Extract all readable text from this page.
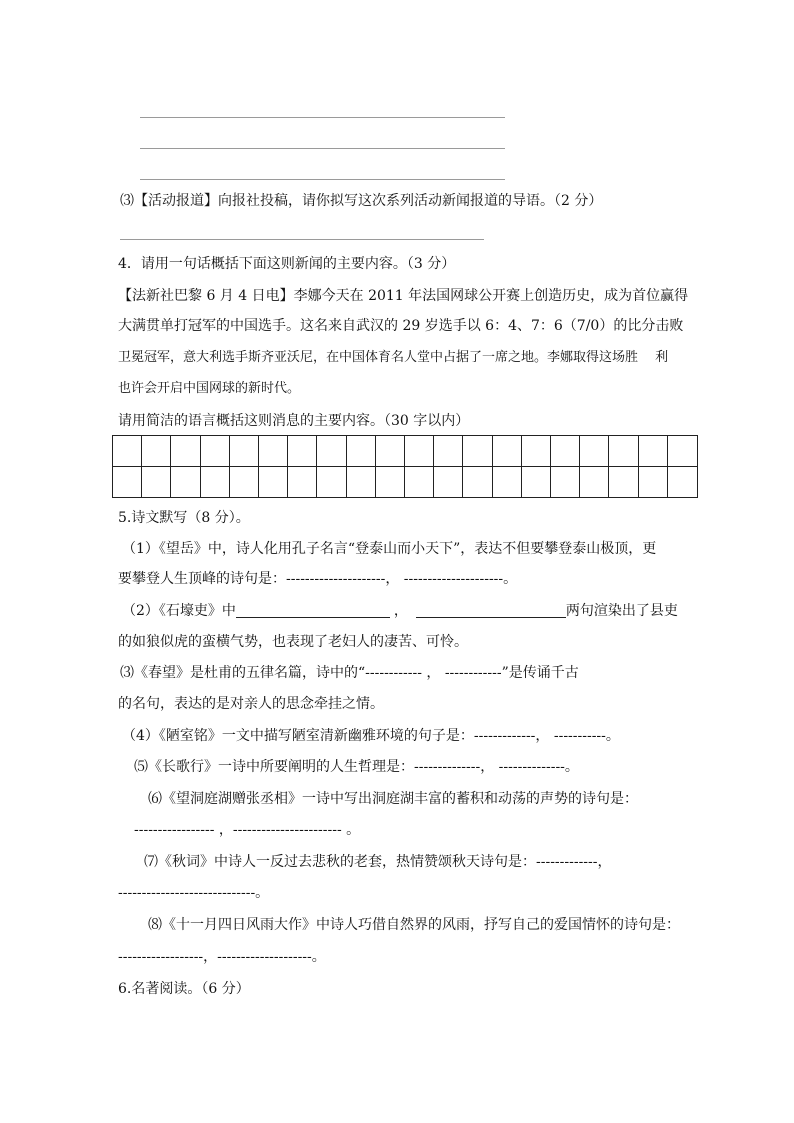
⑶【活动报道】向报社投稿，请你拟写这次系列活动新闻报道的导语。（2 分）
4．请用一句话概括下面这则新闻的主要内容。（3 分）
【法新社巴黎 6 月 4 日电】李娜今天在 2011 年法国网球公开赛上创造历史，成为首位赢得
大满贯单打冠军的中国选手。这名来自武汉的 29 岁选手以 6：4、7：6（7/0）的比分击败
卫冕冠军，意大利选手斯齐亚沃尼，在中国体育名人堂中占据了一席之地。李娜取得这场胜　 利
也许会开启中国网球的新时代。
请用简洁的语言概括这则消息的主要内容。（30 字以内）
5.诗文默写（8 分）。
（1）《望岳》中，诗人化用孔子名言“登泰山而小天下”，表达不但要攀登泰山极顶，更
要攀登人生顶峰的诗句是：---------------------， ---------------------。
（2）《石壕吏》中	，	两句渲染出了县吏
的如狼似虎的蛮横气势，也表现了老妇人的凄苦、可怜。
⑶《春望》是杜甫的五律名篇，诗中的“------------ ， ------------”是传诵千古
的名句，表达的是对亲人的思念牵挂之情。
（4）《陋室铭》一文中描写陋室清新幽雅环境的句子是：-------------， -----------。
⑸《长歌行》一诗中所要阐明的人生哲理是：--------------， --------------。
⑹《望洞庭湖赠张丞相》一诗中写出洞庭湖丰富的蓄积和动荡的声势的诗句是：
----------------- ，----------------------- 。
⑺《秋词》中诗人一反过去悲秋的老套，热情赞颂秋天诗句是：-------------，
-----------------------------。
⑻《十一月四日风雨大作》中诗人巧借自然界的风雨，抒写自己的爱国情怀的诗句是：
------------------，--------------------。
6.名著阅读。（6 分）
